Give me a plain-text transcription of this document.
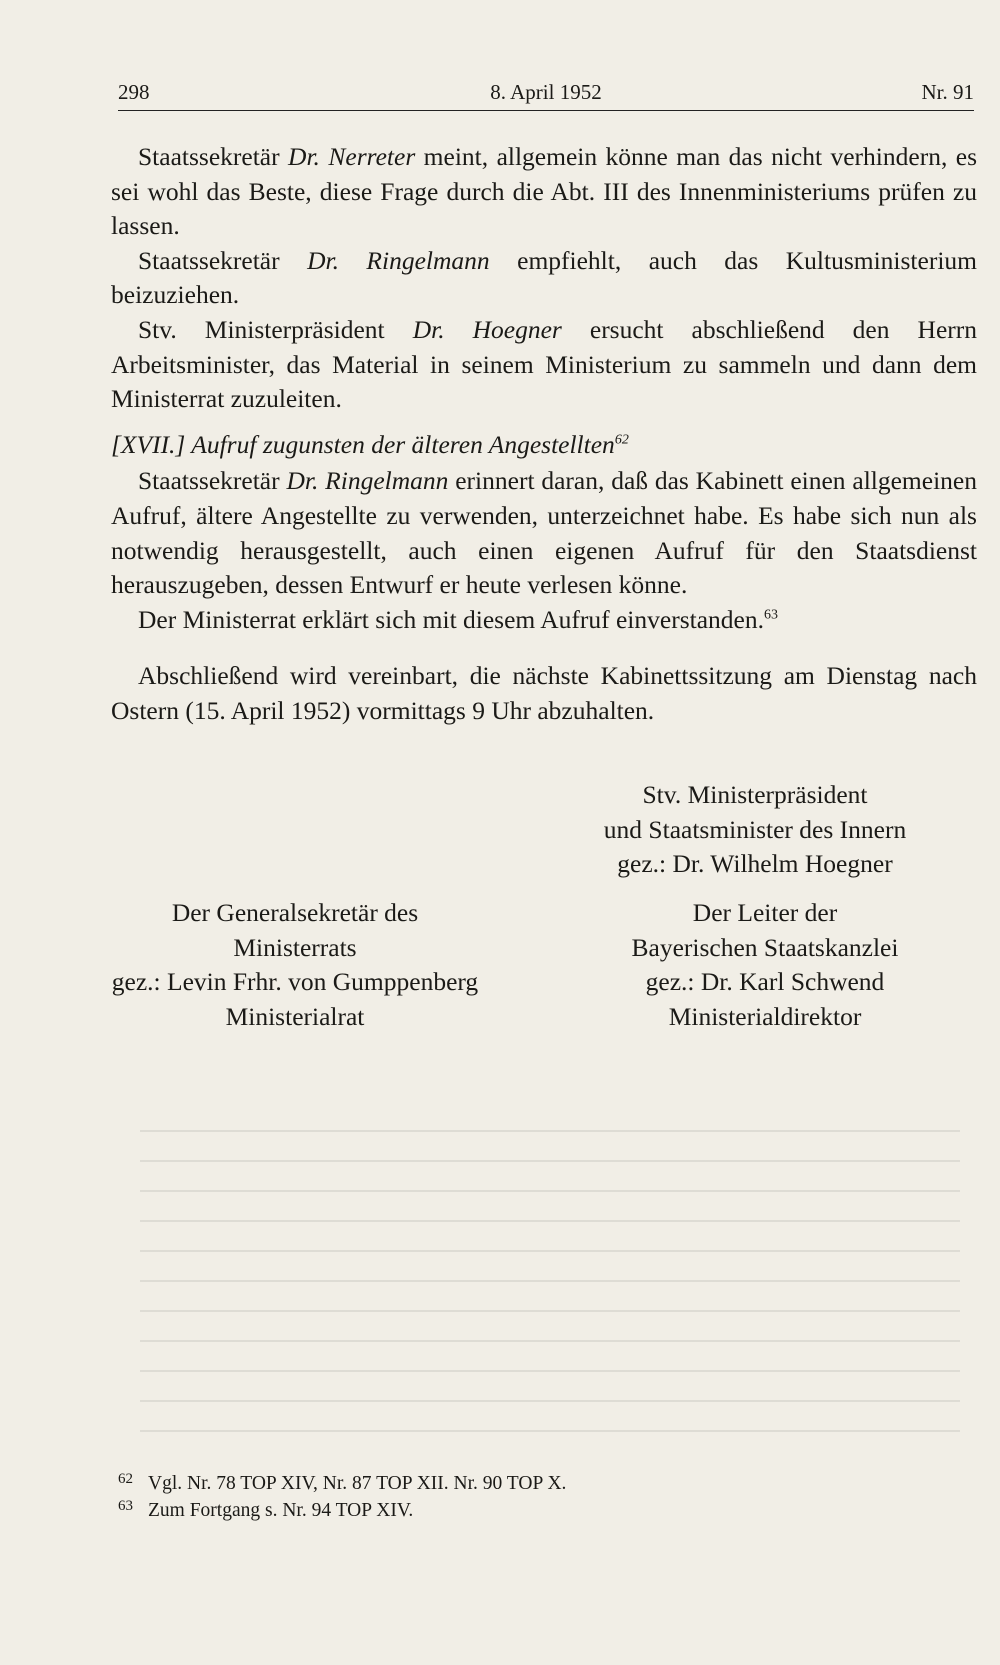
298	8. April 1952	Nr. 91

Staatssekretär Dr. Nerreter meint, allgemein könne man das nicht verhindern, es sei wohl das Beste, diese Frage durch die Abt. III des Innenministeriums prüfen zu lassen.

Staatssekretär Dr. Ringelmann empfiehlt, auch das Kultusministerium beizuziehen.

Stv. Ministerpräsident Dr. Hoegner ersucht abschließend den Herrn Arbeitsminister, das Material in seinem Ministerium zu sammeln und dann dem Ministerrat zuzuleiten.

[XVII.] Aufruf zugunsten der älteren Angestellten$^{62}$

Staatssekretär Dr. Ringelmann erinnert daran, daß das Kabinett einen allgemeinen Aufruf, ältere Angestellte zu verwenden, unterzeichnet habe. Es habe sich nun als notwendig herausgestellt, auch einen eigenen Aufruf für den Staatsdienst herauszugeben, dessen Entwurf er heute verlesen könne.

Der Ministerrat erklärt sich mit diesem Aufruf einverstanden.$^{63}$

Abschließend wird vereinbart, die nächste Kabinettssitzung am Dienstag nach Ostern (15. April 1952) vormittags 9 Uhr abzuhalten.

Stv. Ministerpräsident
und Staatsminister des Innern
gez.: Dr. Wilhelm Hoegner
Der Generalsekretär des
Ministerrats
gez.: Levin Frhr. von Gumppenberg
Ministerialrat
Der Leiter der
Bayerischen Staatskanzlei
gez.: Dr. Karl Schwend
Ministerialdirektor
62 Vgl. Nr. 78 TOP XIV, Nr. 87 TOP XII. Nr. 90 TOP X.
63 Zum Fortgang s. Nr. 94 TOP XIV.
